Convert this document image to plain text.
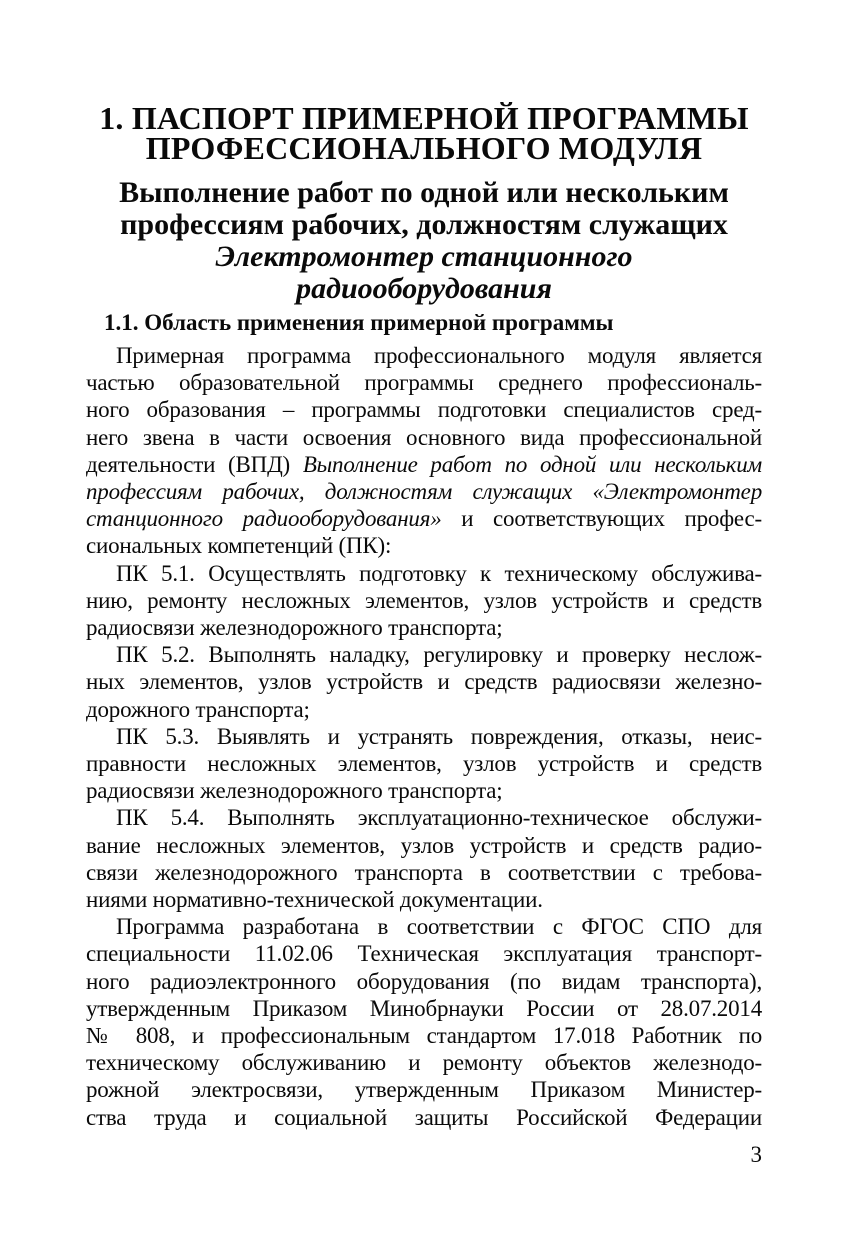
1. ПАСПОРТ ПРИМЕРНОЙ ПРОГРАММЫ
ПРОФЕССИОНАЛЬНОГО МОДУЛЯ
Выполнение работ по одной или нескольким
профессиям рабочих, должностям служащих
Электромонтер станционного радиооборудования
1.1. Область применения примерной программы
Примерная программа профессионального модуля является
частью образовательной программы среднего профессиональ-
ного образования – программы подготовки специалистов сред-
него звена в части освоения основного вида профессиональной
деятельности (ВПД) Выполнение работ по одной или нескольким
профессиям рабочих, должностям служащих «Электромонтер
станционного радиооборудования» и соответствующих профес-
сиональных компетенций (ПК):
ПК 5.1. Осуществлять подготовку к техническому обслужива-
нию, ремонту несложных элементов, узлов устройств и средств
радиосвязи железнодорожного транспорта;
ПК 5.2. Выполнять наладку, регулировку и проверку неслож-
ных элементов, узлов устройств и средств радиосвязи железно-
дорожного транспорта;
ПК 5.3. Выявлять и устранять повреждения, отказы, неис-
правности несложных элементов, узлов устройств и средств
радиосвязи железнодорожного транспорта;
ПК 5.4. Выполнять эксплуатационно-техническое обслужи-
вание несложных элементов, узлов устройств и средств радио-
связи железнодорожного транспорта в соответствии с требова-
ниями нормативно-технической документации.
Программа разработана в соответствии с ФГОС СПО для
специальности 11.02.06 Техническая эксплуатация транспорт-
ного радиоэлектронного оборудования (по видам транспорта),
утвержденным Приказом Минобрнауки России от 28.07.2014
№ 808, и профессиональным стандартом 17.018 Работник по
техническому обслуживанию и ремонту объектов железнодо-
рожной электросвязи, утвержденным Приказом Министер-
ства труда и социальной защиты Российской Федерации
3
